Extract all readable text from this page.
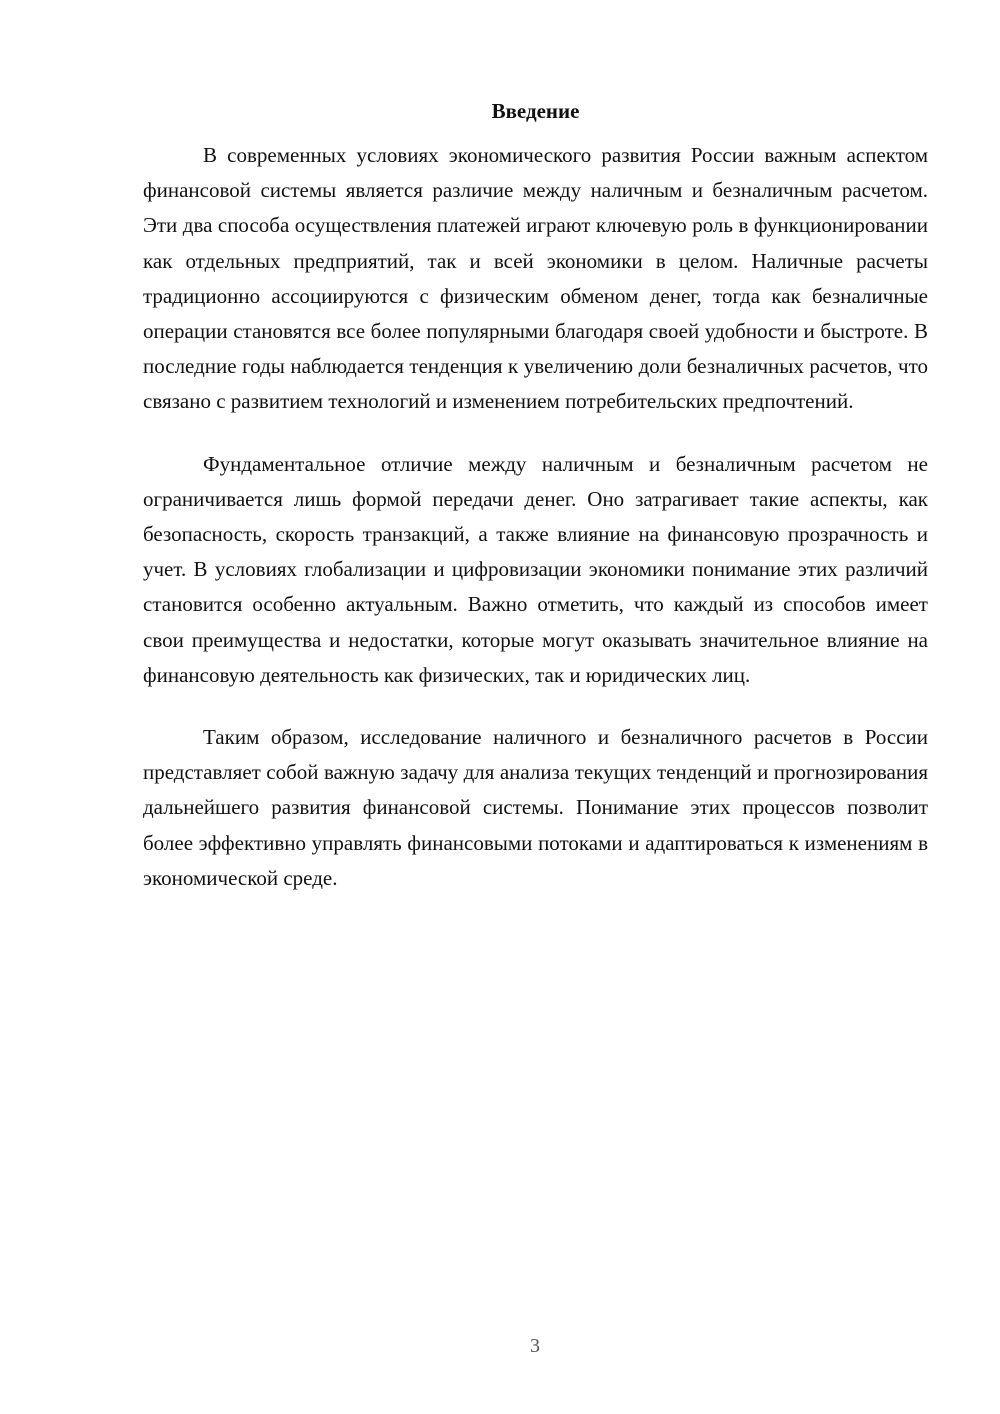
Введение

В современных условиях экономического развития России важным аспектом финансовой системы является различие между наличным и безналичным расчетом. Эти два способа осуществления платежей играют ключевую роль в функционировании как отдельных предприятий, так и всей экономики в целом. Наличные расчеты традиционно ассоциируются с физическим обменом денег, тогда как безналичные операции становятся все более популярными благодаря своей удобности и быстроте. В последние годы наблюдается тенденция к увеличению доли безналичных расчетов, что связано с развитием технологий и изменением потребительских предпочтений.

Фундаментальное отличие между наличным и безналичным расчетом не ограничивается лишь формой передачи денег. Оно затрагивает такие аспекты, как безопасность, скорость транзакций, а также влияние на финансовую прозрачность и учет. В условиях глобализации и цифровизации экономики понимание этих различий становится особенно актуальным. Важно отметить, что каждый из способов имеет свои преимущества и недостатки, которые могут оказывать значительное влияние на финансовую деятельность как физических, так и юридических лиц.

Таким образом, исследование наличного и безналичного расчетов в России представляет собой важную задачу для анализа текущих тенденций и прогнозирования дальнейшего развития финансовой системы. Понимание этих процессов позволит более эффективно управлять финансовыми потоками и адаптироваться к изменениям в экономической среде.

3
